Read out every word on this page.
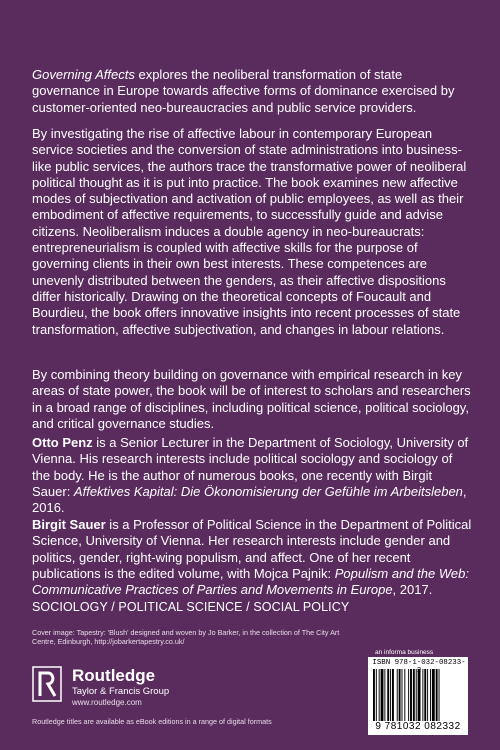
Governing Affects explores the neoliberal transformation of state governance in Europe towards affective forms of dominance exercised by customer-oriented neo-bureaucracies and public service providers.

By investigating the rise of affective labour in contemporary European service societies and the conversion of state administrations into business-like public services, the authors trace the transformative power of neoliberal political thought as it is put into practice. The book examines new affective modes of subjectivation and activation of public employees, as well as their embodiment of affective requirements, to successfully guide and advise citizens. Neoliberalism induces a double agency in neo-bureaucrats: entrepreneurialism is coupled with affective skills for the purpose of governing clients in their own best interests. These competences are unevenly distributed between the genders, as their affective dispositions differ historically. Drawing on the theoretical concepts of Foucault and Bourdieu, the book offers innovative insights into recent processes of state transformation, affective subjectivation, and changes in labour relations.

By combining theory building on governance with empirical research in key areas of state power, the book will be of interest to scholars and researchers in a broad range of disciplines, including political science, political sociology, and critical governance studies.

Otto Penz is a Senior Lecturer in the Department of Sociology, University of Vienna. His research interests include political sociology and sociology of the body. He is the author of numerous books, one recently with Birgit Sauer: Affektives Kapital: Die Ökonomisierung der Gefühle im Arbeitsleben, 2016.

Birgit Sauer is a Professor of Political Science in the Department of Political Science, University of Vienna. Her research interests include gender and politics, gender, right-wing populism, and affect. One of her recent publications is the edited volume, with Mojca Pajnik: Populism and the Web: Communicative Practices of Parties and Movements in Europe, 2017.

SOCIOLOGY / POLITICAL SCIENCE / SOCIAL POLICY
Cover image: Tapestry: 'Blush' designed and woven by Jo Barker, in the collection of The City Art Centre, Edinburgh, http://jobarkertapestry.co.uk/
Routledge
Taylor & Francis Group
www.routledge.com
an informa business
ISBN 978-1-032-08233-
9 781032 082332
Routledge titles are available as eBook editions in a range of digital formats
